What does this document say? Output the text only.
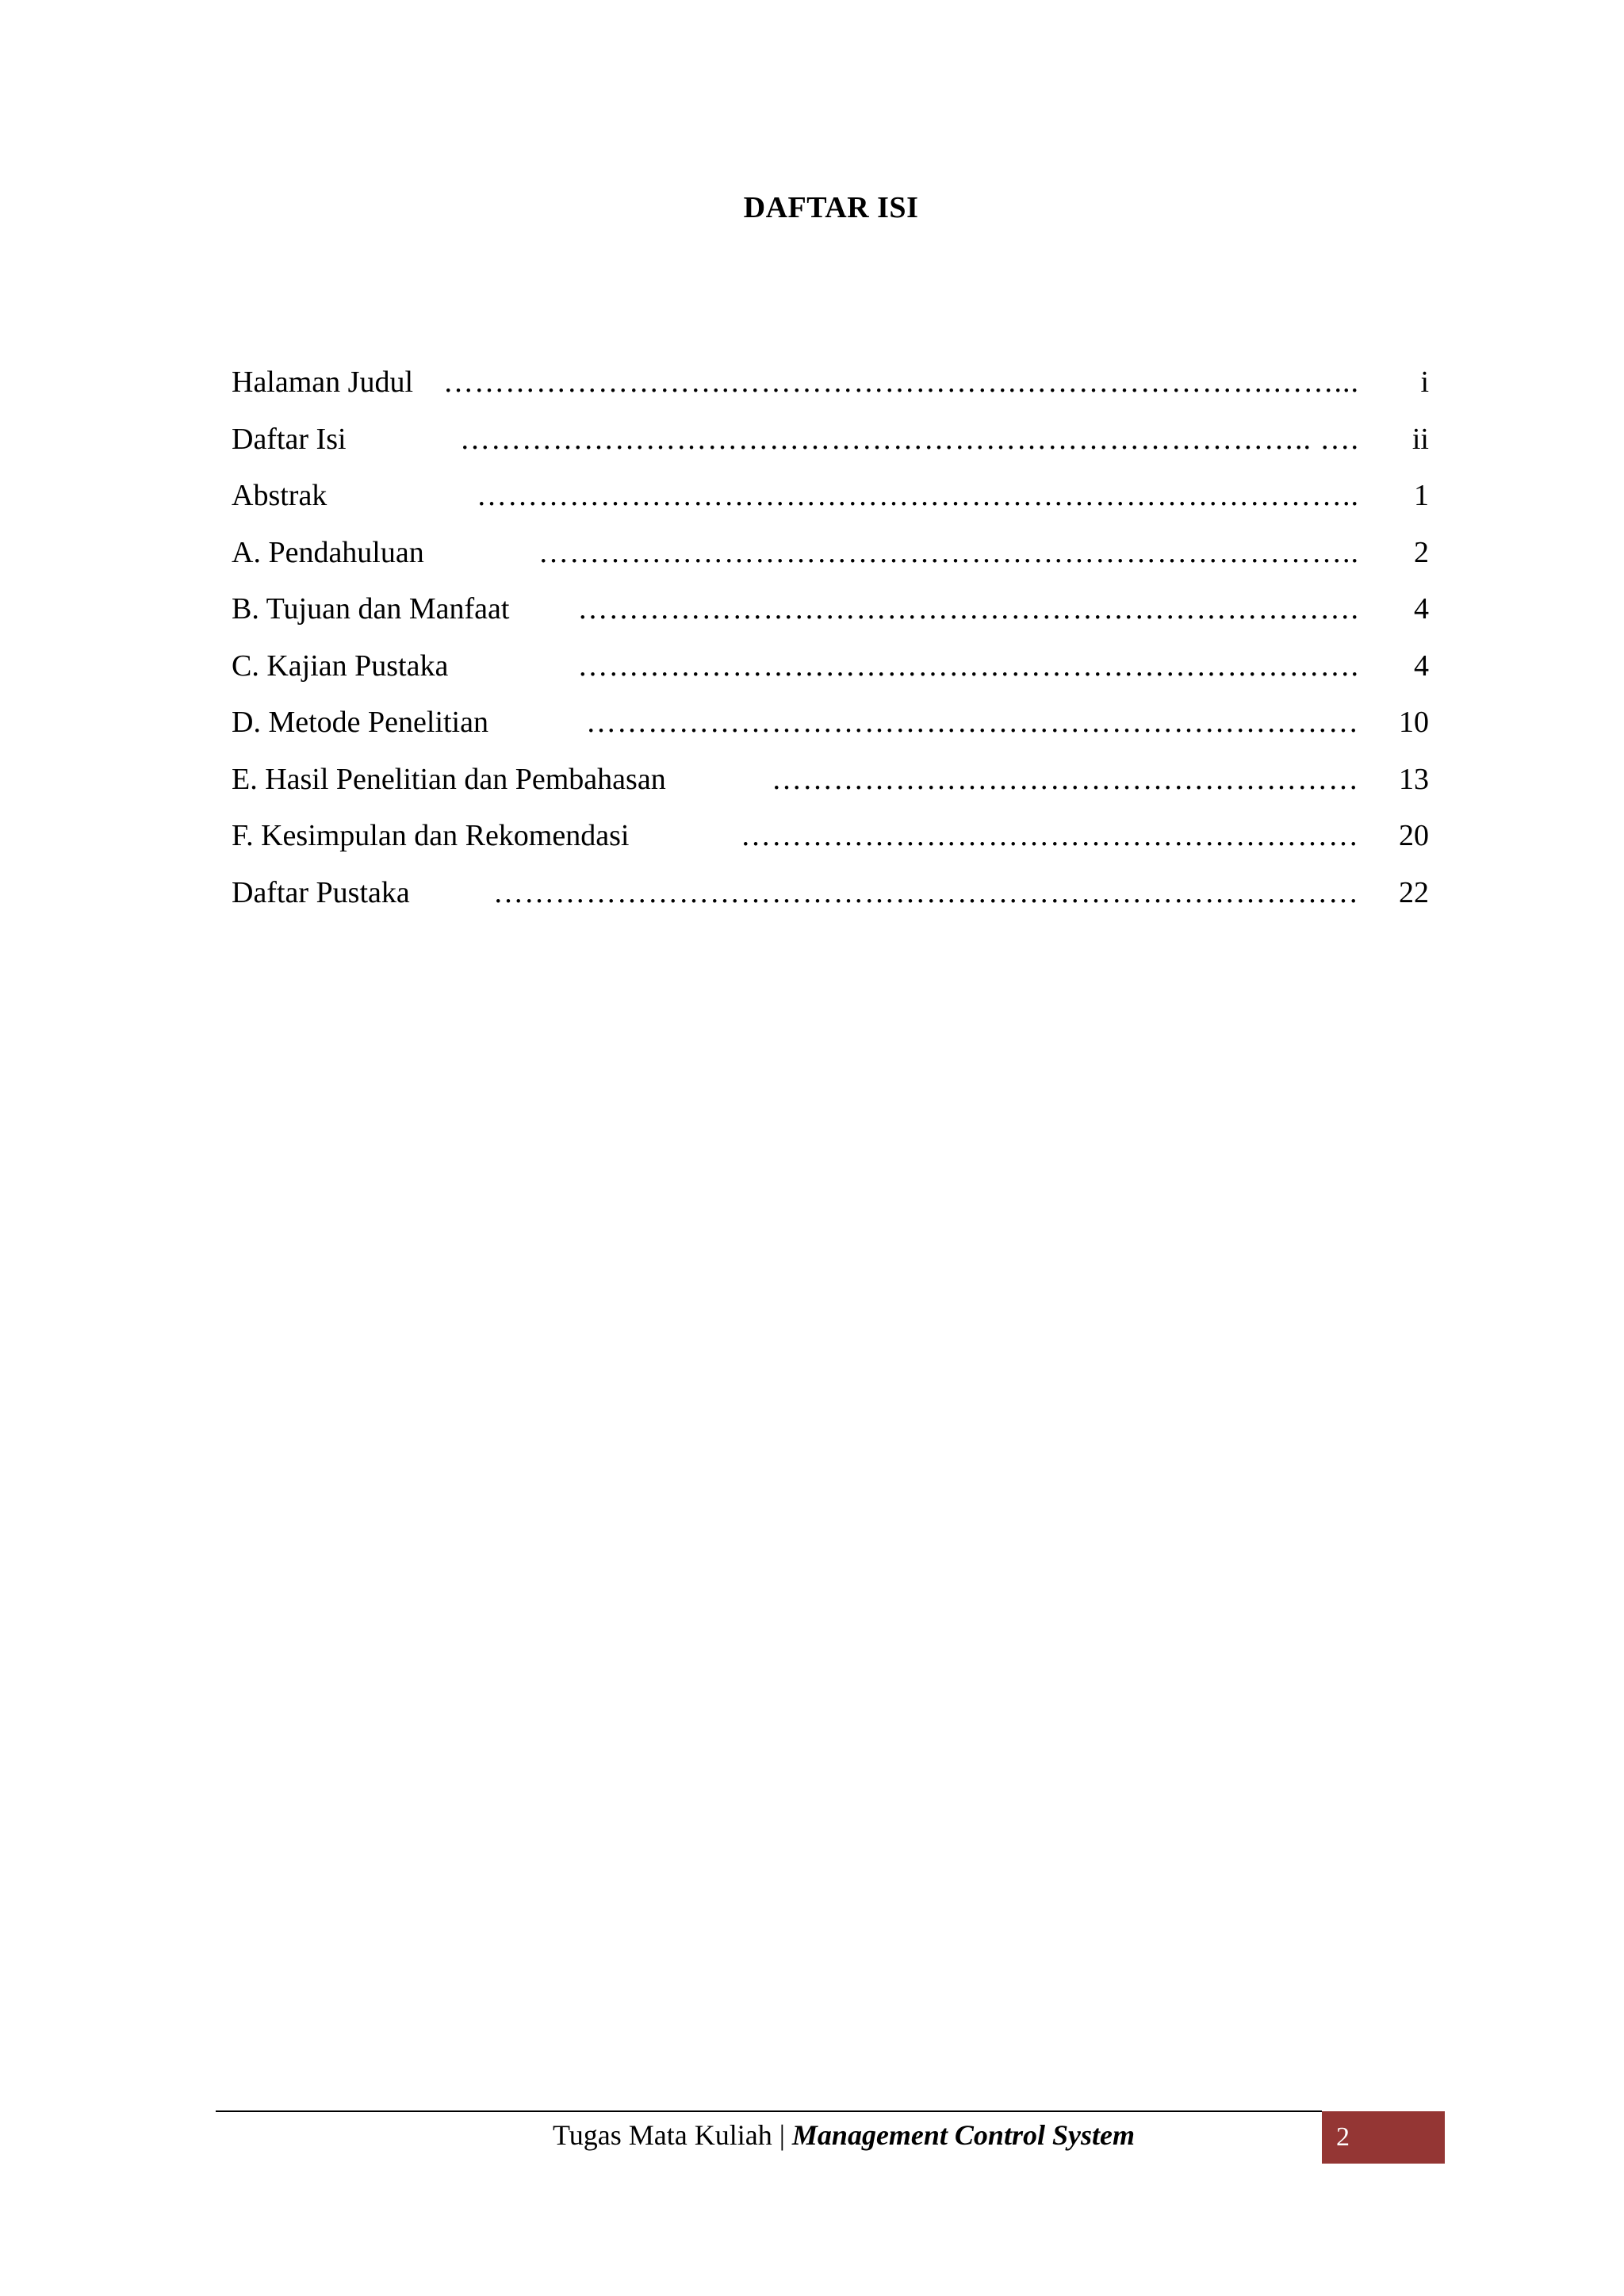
DAFTAR ISI
……………………….……………………….…………………….……...
Halaman Judul	i
……………………………………………………………………….. ….
Daftar Isi	ii
…………………………………………………………………………..
Abstrak	1
……………………………………………………………………..
A. Pendahuluan	2
………………………………………………………………….
B. Tujuan dan Manfaat	4
………………………………………………………………….
C. Kajian Pustaka	4
…………………………………………………………………
D. Metode Penelitian	10
…………………………………………………
E. Hasil Penelitian dan Pembahasan	13
……………………………………………………
F. Kesimpulan dan Rekomendasi	20
…………………………………………………………………………
Daftar Pustaka	22
Tugas Mata Kuliah | Management Control System	2
